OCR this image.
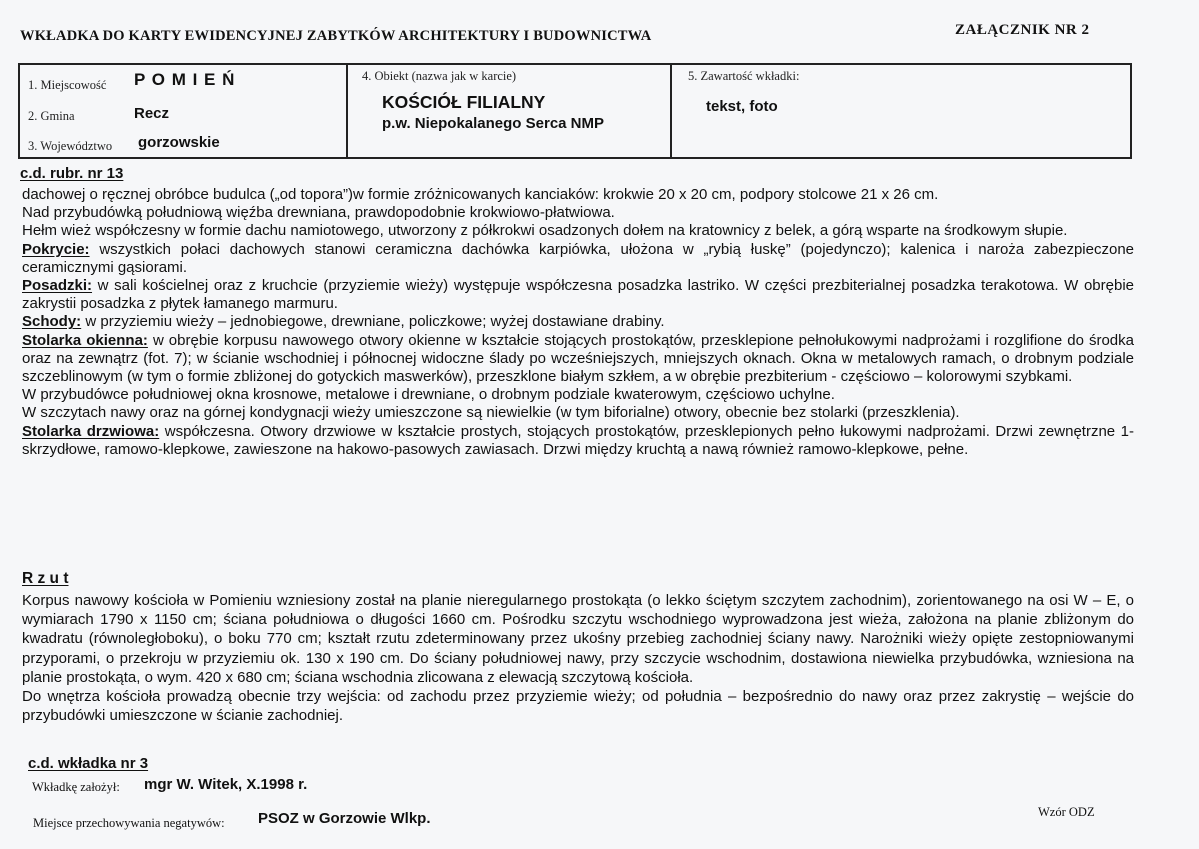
WKŁADKA DO KARTY EWIDENCYJNEJ ZABYTKÓW ARCHITEKTURY I BUDOWNICTWA	ZAŁĄCZNIK NR 2
1. Miejscowość P O M I E Ń
2. Gmina	Recz
3. Województwo gorzowskie
4. Obiekt (nazwa jak w karcie)
KOŚCIÓŁ FILIALNY
p.w. Niepokalanego Serca NMP
5. Zawartość wkładki:
tekst, foto
c.d. rubr. nr 13

dachowej o ręcznej obróbce budulca („od topora”)w formie zróżnicowanych kanciaków: krokwie 20 x 20 cm, podpory stolcowe 21 x 26 cm.

Nad przybudówką południową więźba drewniana, prawdopodobnie krokwiowo-płatwiowa.

Hełm wież współczesny w formie dachu namiotowego, utworzony z półkrokwi osadzonych dołem na kratownicy z belek, a górą wsparte na środkowym słupie.

Pokrycie: wszystkich połaci dachowych stanowi ceramiczna dachówka karpiówka, ułożona w „rybią łuskę” (pojedynczo); kalenica i naroża zabezpieczone ceramicznymi gąsiorami.

Posadzki: w sali kościelnej oraz z kruchcie (przyziemie wieży) występuje współczesna posadzka lastriko. W części prezbiterialnej posadzka terakotowa. W obrębie zakrystii posadzka z płytek łamanego marmuru.

Schody: w przyziemiu wieży – jednobiegowe, drewniane, policzkowe; wyżej dostawiane drabiny.

Stolarka okienna: w obrębie korpusu nawowego otwory okienne w kształcie stojących prostokątów, przesklepione pełnołukowymi nadprożami i rozglifione do środka oraz na zewnątrz (fot. 7); w ścianie wschodniej i północnej widoczne ślady po wcześniejszych, mniejszych oknach. Okna w metalowych ramach, o drobnym podziale szczeblinowym (w tym o formie zbliżonej do gotyckich maswerków), przeszklone białym szkłem, a w obrębie prezbiterium - częściowo – kolorowymi szybkami.

W przybudówce południowej okna krosnowe, metalowe i drewniane, o drobnym podziale kwaterowym, częściowo uchylne.

W szczytach nawy oraz na górnej kondygnacji wieży umieszczone są niewielkie (w tym biforialne) otwory, obecnie bez stolarki (przeszklenia).

Stolarka drzwiowa: współczesna. Otwory drzwiowe w kształcie prostych, stojących prostokątów, przesklepionych pełno łukowymi nadprożami. Drzwi zewnętrzne 1-skrzydłowe, ramowo-klepkowe, zawieszone na hakowo-pasowych zawiasach. Drzwi między kruchtą a nawą również ramowo-klepkowe, pełne.

R z u t

Korpus nawowy kościoła w Pomieniu wzniesiony został na planie nieregularnego prostokąta (o lekko ściętym szczytem zachodnim), zorientowanego na osi W – E, o wymiarach 1790 x 1150 cm; ściana południowa o długości 1660 cm. Pośrodku szczytu wschodniego wyprowadzona jest wieża, założona na planie zbliżonym do kwadratu (równoległoboku), o boku 770 cm; kształt rzutu zdeterminowany przez ukośny przebieg zachodniej ściany nawy. Narożniki wieży opięte zestopniowanymi przyporami, o przekroju w przyziemiu ok. 130 x 190 cm. Do ściany południowej nawy, przy szczycie wschodnim, dostawiona niewielka przybudówka, wzniesiona na planie prostokąta, o wym. 420 x 680 cm; ściana wschodnia zlicowana z elewacją szczytową kościoła.

Do wnętrza kościoła prowadzą obecnie trzy wejścia: od zachodu przez przyziemie wieży; od południa – bezpośrednio do nawy oraz przez zakrystię – wejście do przybudówki umieszczone w ścianie zachodniej.

c.d. wkładka nr 3
Wkładkę założył: mgr W. Witek, X.1998 r.
Miejsce przechowywania negatywów: PSOZ w Gorzowie Wlkp.	Wzór ODZ
